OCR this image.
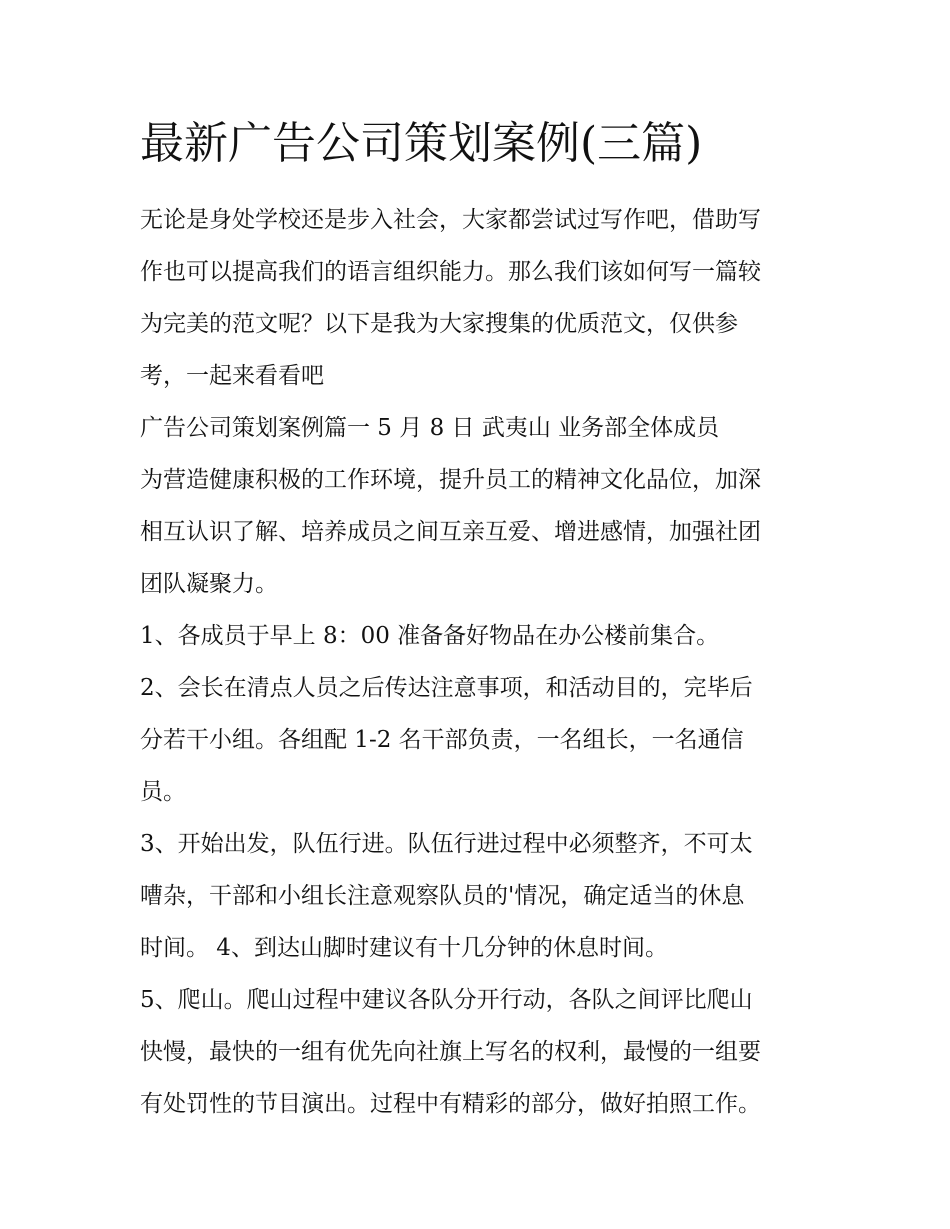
最新广告公司策划案例(三篇)
无论是身处学校还是步入社会，大家都尝试过写作吧，借助写
作也可以提高我们的语言组织能力。那么我们该如何写一篇较
为完美的范文呢？以下是我为大家搜集的优质范文，仅供参
考，一起来看看吧
广告公司策划案例篇一 5 月 8 日 武夷山 业务部全体成员
为营造健康积极的工作环境，提升员工的精神文化品位，加深
相互认识了解、培养成员之间互亲互爱、增进感情，加强社团
团队凝聚力。
1、各成员于早上 8：00 准备备好物品在办公楼前集合。
2、会长在清点人员之后传达注意事项，和活动目的，完毕后
分若干小组。各组配 1-2 名干部负责，一名组长，一名通信
员。
3、开始出发，队伍行进。队伍行进过程中必须整齐，不可太
嘈杂，干部和小组长注意观察队员的'情况，确定适当的休息
时间。 4、到达山脚时建议有十几分钟的休息时间。
5、爬山。爬山过程中建议各队分开行动，各队之间评比爬山
快慢，最快的一组有优先向社旗上写名的权利，最慢的一组要
有处罚性的节目演出。过程中有精彩的部分，做好拍照工作。
